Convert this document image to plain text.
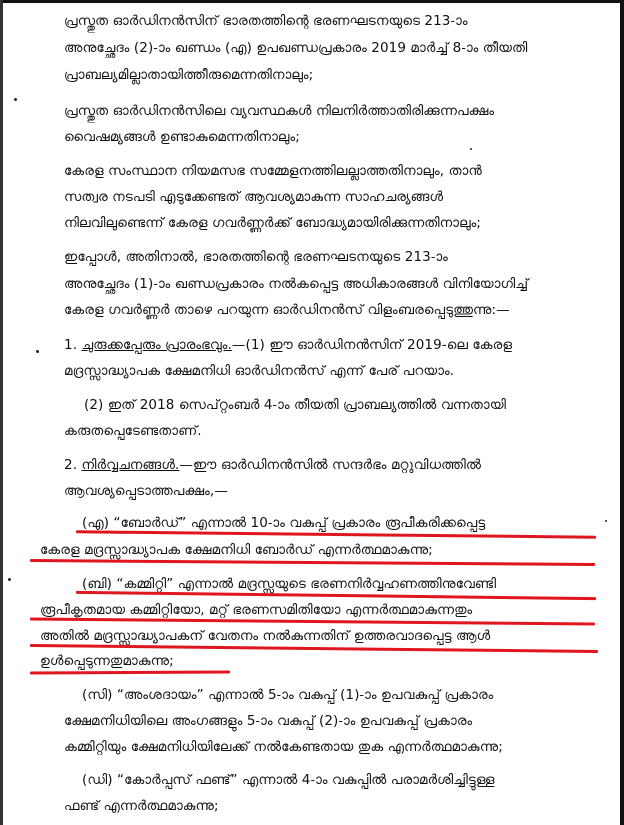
പ്രസ്തുത ഓർഡിനൻസിന് ഭാരതത്തിന്റെ ഭരണഘടനയുടെ 213-ാം
അനുച്ഛേദം (2)-ാം ഖണ്ഡം (എ) ഉപഖണ്ഡപ്രകാരം 2019 മാർച്ച് 8-ാം തീയതി
പ്രാബല്യമില്ലാതായിത്തീരുമെന്നതിനാലും;
പ്രസ്തുത ഓർഡിനൻസിലെ വ്യവസ്ഥകൾ നിലനിർത്താതിരിക്കുന്നപക്ഷം
വൈഷമ്യങ്ങൾ ഉണ്ടാകുമെന്നതിനാലും;
കേരള സംസ്ഥാന നിയമസഭ സമ്മേളനത്തിലല്ലാത്തതിനാലും, താൻ
സത്വര നടപടി എടുക്കേണ്ടത് ആവശ്യമാകുന്ന സാഹചര്യങ്ങൾ
നിലവിലുണ്ടെന്ന് കേരള ഗവർണ്ണർക്ക് ബോദ്ധ്യമായിരിക്കുന്നതിനാലും;
ഇപ്പോൾ, അതിനാൽ, ഭാരതത്തിന്റെ ഭരണഘടനയുടെ 213-ാം
അനുച്ഛേദം (1)-ാം ഖണ്ഡപ്രകാരം നൽകപ്പെട്ട അധികാരങ്ങൾ വിനിയോഗിച്ച്
കേരള ഗവർണ്ണർ താഴെ പറയുന്ന ഓർഡിനൻസ് വിളംബരപ്പെടുത്തുന്നു:—
1. ചുരുക്കപ്പേരും പ്രാരംഭവും.—(1) ഈ ഓർഡിനൻസിന് 2019-ലെ കേരള
മദ്രസ്സാദ്ധ്യാപക ക്ഷേമനിധി ഓർഡിനൻസ് എന്ന് പേര് പറയാം.
(2) ഇത് 2018 സെപ്റ്റംബർ 4-ാം തീയതി പ്രാബല്യത്തിൽ വന്നതായി
കരുതപ്പെടേണ്ടതാണ്.
2. നിർവ്വചനങ്ങൾ.—ഈ ഓർഡിനൻസിൽ സന്ദർഭം മറ്റുവിധത്തിൽ
ആവശ്യപ്പെടാത്തപക്ഷം,—
(എ) “ബോർഡ്” എന്നാൽ 10-ാം വകുപ്പ് പ്രകാരം രൂപീകരിക്കപ്പെട്ട
കേരള മദ്രസ്സാദ്ധ്യാപക ക്ഷേമനിധി ബോർഡ് എന്നർത്ഥമാകുന്നു;
(ബി) “കമ്മിറ്റി” എന്നാൽ മദ്രസ്സയുടെ ഭരണനിർവ്വഹണത്തിനുവേണ്ടി
രൂപീകൃതമായ കമ്മിറ്റിയോ, മറ്റ് ഭരണസമിതിയോ എന്നർത്ഥമാകുന്നതും
അതിൽ മദ്രസ്സാദ്ധ്യാപകന് വേതനം നൽകുന്നതിന് ഉത്തരവാദപ്പെട്ട ആൾ
ഉൾപ്പെടുന്നതുമാകുന്നു;
(സി) “അംശദായം” എന്നാൽ 5-ാം വകുപ്പ് (1)-ാം ഉപവകുപ്പ് പ്രകാരം
ക്ഷേമനിധിയിലെ അംഗങ്ങളും 5-ാം വകുപ്പ് (2)-ാം ഉപവകുപ്പ് പ്രകാരം
കമ്മിറ്റിയും ക്ഷേമനിധിയിലേക്ക് നൽകേണ്ടതായ തുക എന്നർത്ഥമാകുന്നു;
(ഡി) “കോർപ്പസ് ഫണ്ട്” എന്നാൽ 4-ാം വകുപ്പിൽ പരാമർശിച്ചിട്ടുള്ള
ഫണ്ട് എന്നർത്ഥമാകുന്നു;
